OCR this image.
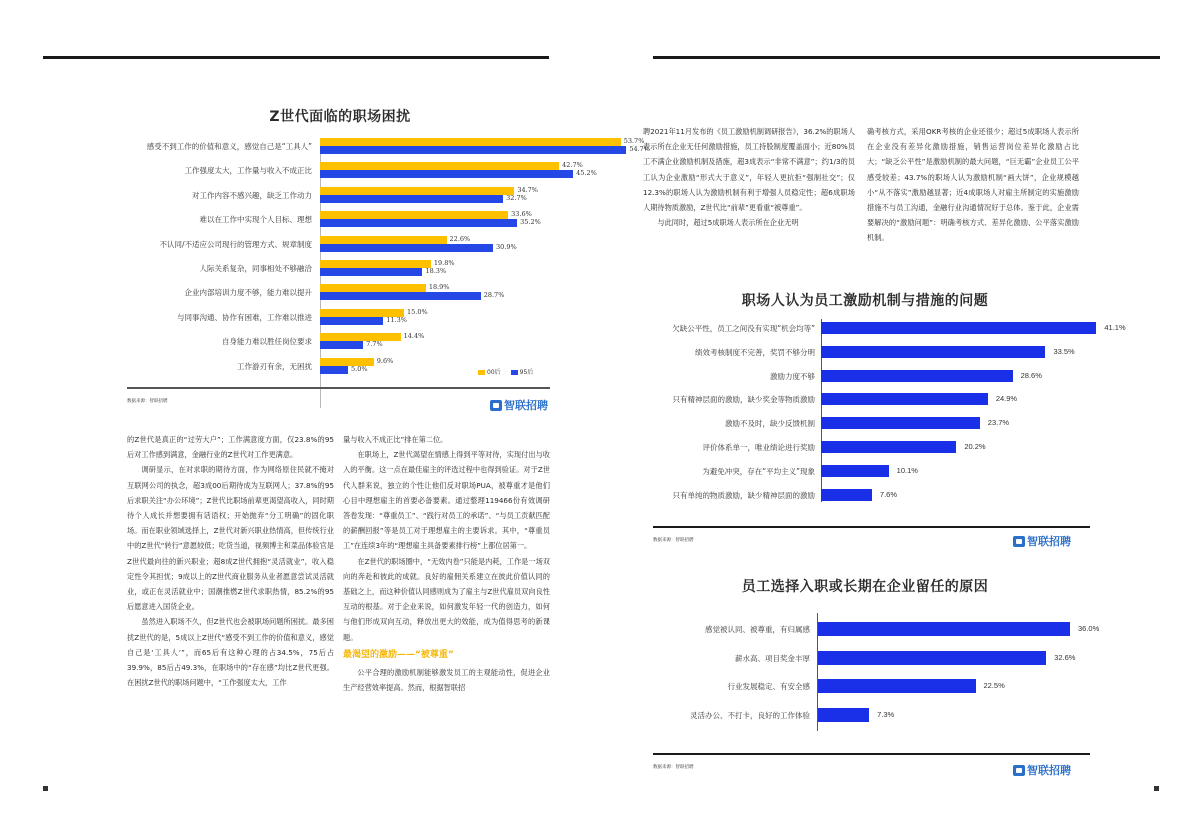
Z世代面临的职场困扰
感受不到工作的价值和意义，感觉自己是“工具人”
53.7%
54.7%
工作强度太大，工作量与收入不成正比
42.7%
45.2%
对工作内容不感兴趣，缺乏工作动力
34.7%
32.7%
难以在工作中实现个人目标、理想
33.6%
35.2%
不认同/不适应公司现行的管理方式、规章制度
22.6%
30.9%
人际关系复杂，同事相处不够融洽
19.8%
18.3%
企业内部培训力度不够，能力难以提升
18.9%
28.7%
与同事沟通、协作有困难，工作难以推进
15.0%
11.3%
自身能力难以胜任岗位要求
14.4%
7.7%
工作游刃有余，无困扰
9.6%
5.0%	00后	95后
数据来源：智联招聘	智联招聘

的Z世代是真正的“过劳大户”；工作满意度方面，仅23.8%的95后对工作感到满意，金融行业的Z世代对工作更满意。

调研显示，在对求职的期待方面，作为网络原住民就不掩对互联网公司的执念，超3成00后期待成为互联网人；37.8%的95后求职关注“办公环境”；Z世代比职场前辈更渴望高收入，同时期待个人成长并想要拥有话语权；开始抛弃“分工明确”的固化职场。而在职业领域选择上，Z世代对新兴职业热情高，但传统行业中的Z世代“转行”意愿较低；吃货当道，视频博主和菜品体验官是Z世代最向往的新兴职业；超8成Z世代拥抱“灵活就业”，收入稳定性令其担忧；9成以上的Z世代商业服务从业者愿意尝试灵活就业，或正在灵活就业中；国潮推燃Z世代求职热情，85.2%的95后愿意进入国货企业。

虽然进入职场不久，但Z世代也会被职场问题所困扰。最多困扰Z世代的是，5成以上Z世代“感受不到工作的价值和意义，感觉自己是‘工具人’”，而65后有这种心理的占34.5%，75后占39.9%，85后占49.3%，在职场中的“存在感”均比Z世代更强。在困扰Z世代的职场问题中，“工作强度太大，工作

量与收入不成正比”排在第二位。

在职场上，Z世代渴望在情感上得到平等对待，实现付出与收入的平衡。这一点在最佳雇主的评选过程中也得到验证。对于Z世代人群来说，独立的个性让他们反对职场PUA，被尊重才是他们心目中理想雇主的首要必备要素。通过整理119466份有效调研答卷发现：“尊重员工”、“践行对员工的承诺”、“与员工贡献匹配的薪酬回报”等是员工对于理想雇主的主要诉求。其中，“尊重员工”在连续3年的“理想雇主具备要素排行榜”上都位居第一。

在Z世代的职场圈中，“无效内卷”只能是内耗，工作是一场双向的奔赴和彼此的成就。良好的雇佣关系建立在彼此价值认同的基础之上，而这种价值认同感则成为了雇主与Z世代雇员双向良性互动的根基。对于企业来说，如何激发年轻一代的创造力，如何与他们形成双向互动，释放出更大的效能，成为值得思考的新课题。

最渴望的激励——“被尊重”

公平合理的激励机制能够激发员工的主观能动性，促进企业生产经营效率提高。然而，根据智联招

聘2021年11月发布的《员工激励机制调研报告》，36.2%的职场人表示所在企业无任何激励措施，员工持股制度覆盖面小；近80%员工不满企业激励机制及措施，超3成表示“非常不满意”；约1/3的员工认为企业激励“形式大于意义”，年轻人更抗拒“强制社交”；仅12.3%的职场人认为激励机制有利于增强人员稳定性；超6成职场人期待物质激励，Z世代比“前辈”更看重“被尊重”。

与此同时，超过5成职场人表示所在企业无明

确考核方式，采用OKR考核的企业还很少；超过5成职场人表示所在企业没有差异化激励措施，销售运营岗位差异化激励占比大；“缺乏公平性”是激励机制的最大问题，“巨无霸”企业员工公平感受较差；43.7%的职场人认为激励机制“画大饼”，企业规模越小“从不落实”激励越显著；近4成职场人对雇主所制定的实施激励措施不与员工沟通，金融行业沟通情况好于总体。鉴于此，企业需要解决的“激励问题”：明确考核方式、差异化激励、公平落实激励机制。

职场人认为员工激励机制与措施的问题
欠缺公平性，员工之间没有实现“机会均等”	41.1%
绩效考核制度不完善，奖罚不够分明	33.5%
激励力度不够	28.6%
只有精神层面的激励，缺少奖金等物质激励	24.9%
激励不及时，缺少反馈机制	23.7%
评价体系单一，唯业绩论进行奖励	20.2%
为避免冲突，存在“平均主义”现象	10.1%
只有单纯的物质激励，缺少精神层面的激励	7.6%
数据来源：智联招聘	智联招聘
员工选择入职或长期在企业留任的原因
感觉被认同、被尊重，有归属感	36.0%
薪水高、项目奖金丰厚	32.6%
行业发展稳定、有安全感	22.5%
灵活办公、不打卡，良好的工作体验	7.3%
数据来源：智联招聘	智联招聘
